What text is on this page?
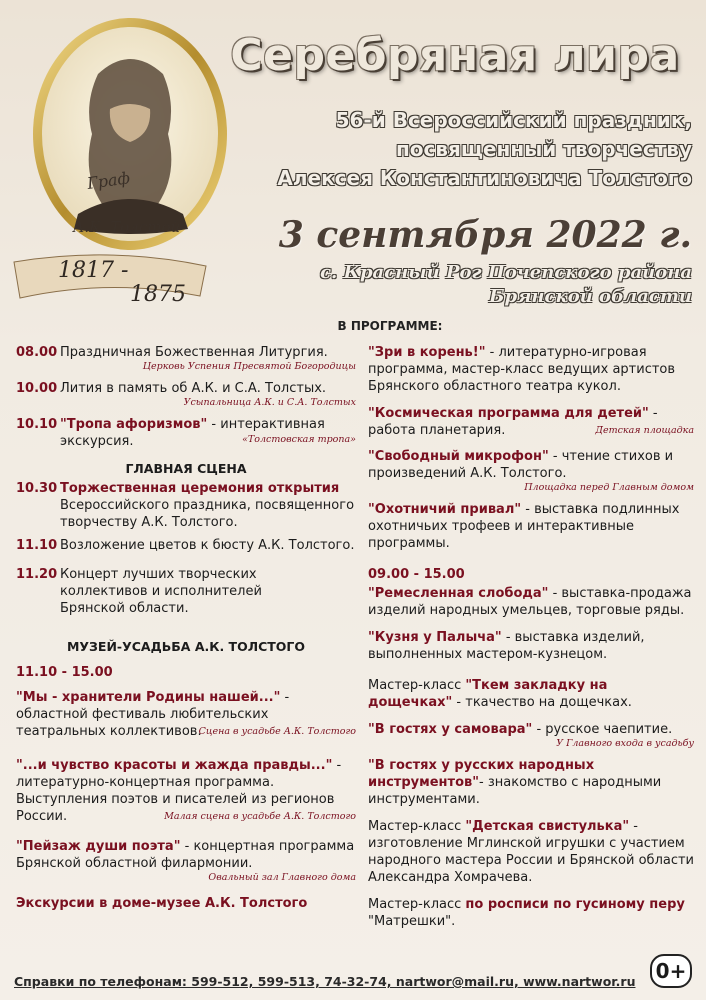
Граф
А.К. Толстой
1817 -
1875
Серебряная лира
56-й Всероссийский праздник,
посвященный творчеству
Алексея Константиновича Толстого
3 сентября 2022 г.
с. Красный Рог Почепского района
Брянской области
В ПРОГРАММЕ:
08.00 Праздничная Божественная Литургия.
Церковь Успения Пресвятой Богородицы
10.00 Лития в память об А.К. и С.А. Толстых.
Усыпальница А.К. и С.А. Толстых
10.10 "Тропа афоризмов" - интерактивная экскурсия.	«Толстовская тропа»
ГЛАВНАЯ СЦЕНА
10.30 Торжественная церемония открытия
Всероссийского праздника, посвященного творчеству А.К. Толстого.
11.10 Возложение цветов к бюсту А.К. Толстого.
11.20 Концерт лучших творческих коллективов и исполнителей Брянской области.
МУЗЕЙ-УСАДЬБА А.К. ТОЛСТОГО
11.10 - 15.00
"Мы - хранители Родины нашей..." - областной фестиваль любительских театральных коллективов.
Сцена в усадьбе А.К. Толстого
"...и чувство красоты и жажда правды..." - литературно-концертная программа. Выступления поэтов и писателей из регионов России.	Малая сцена в усадьбе А.К. Толстого
"Пейзаж души поэта" - концертная программа Брянской областной филармонии.
Овальный зал Главного дома
Экскурсии в доме-музее А.К. Толстого
"Зри в корень!" - литературно-игровая программа, мастер-класс ведущих артистов Брянского областного театра кукол.
"Космическая программа для детей" - работа планетария.	Детская площадка
"Свободный микрофон" - чтение стихов и произведений А.К. Толстого.
Площадка перед Главным домом
"Охотничий привал" - выставка подлинных охотничьих трофеев и интерактивные программы.
09.00 - 15.00
"Ремесленная слобода" - выставка-продажа изделий народных умельцев, торговые ряды.
"Кузня у Палыча" - выставка изделий, выполненных мастером-кузнецом.
Мастер-класс "Ткем закладку на дощечках" - ткачество на дощечках.
"В гостях у самовара" - русское чаепитие.
У Главного входа в усадьбу
"В гостях у русских народных инструментов"- знакомство с народными инструментами.
Мастер-класс "Детская свистулька" - изготовление Мглинской игрушки с участием народного мастера России и Брянской области Александра Хомрачева.
Мастер-класс по росписи по гусиному перу "Матрешки".
Справки по телефонам: 599-512, 599-513, 74-32-74, nartwor@mail.ru, www.nartwor.ru 0+
